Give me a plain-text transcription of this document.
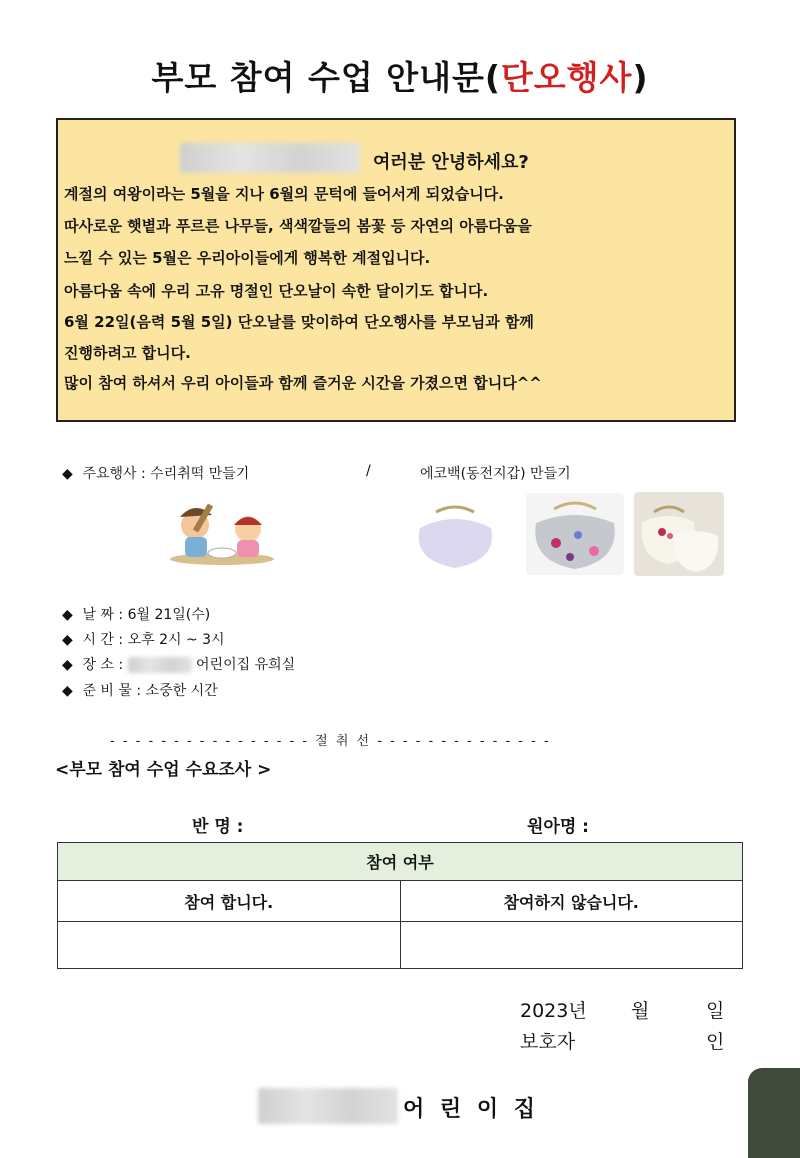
부모 참여 수업 안내문(단오행사)
여러분 안녕하세요?
계절의 여왕이라는 5월을 지나 6월의 문턱에 들어서게 되었습니다.
따사로운 햇볕과 푸르른 나무들, 색색깔들의 봄꽃 등 자연의 아름다움을
느낄 수 있는 5월은 우리아이들에게 행복한 계절입니다.
아름다움 속에 우리 고유 명절인 단오날이 속한 달이기도 합니다.
6월 22일(음력 5월 5일) 단오날를 맞이하여 단오행사를 부모님과 함께
진행하려고 합니다.
많이 참여 하셔서 우리 아이들과 함께 즐거운 시간을 가졌으면 합니다^^
◆ 주요행사 : 수리취떡 만들기	/	에코백(동전지갑) 만들기
◆ 날 짜 : 6월 21일(수)
◆ 시 간 : 오후 2시 ~ 3시
◆ 장 소 :	어린이집 유희실
◆ 준 비 물 : 소중한 시간
- - - - - - - - - - - - - - - - 절 취 선 - - - - - - - - - - - - - -
<부모 참여 수업 수요조사 >
반 명 :	원아명 :
참여 여부	
참여 합니다.	참여하지 않습니다.

2023년 월	일
보호자	인
어 린 이 집
